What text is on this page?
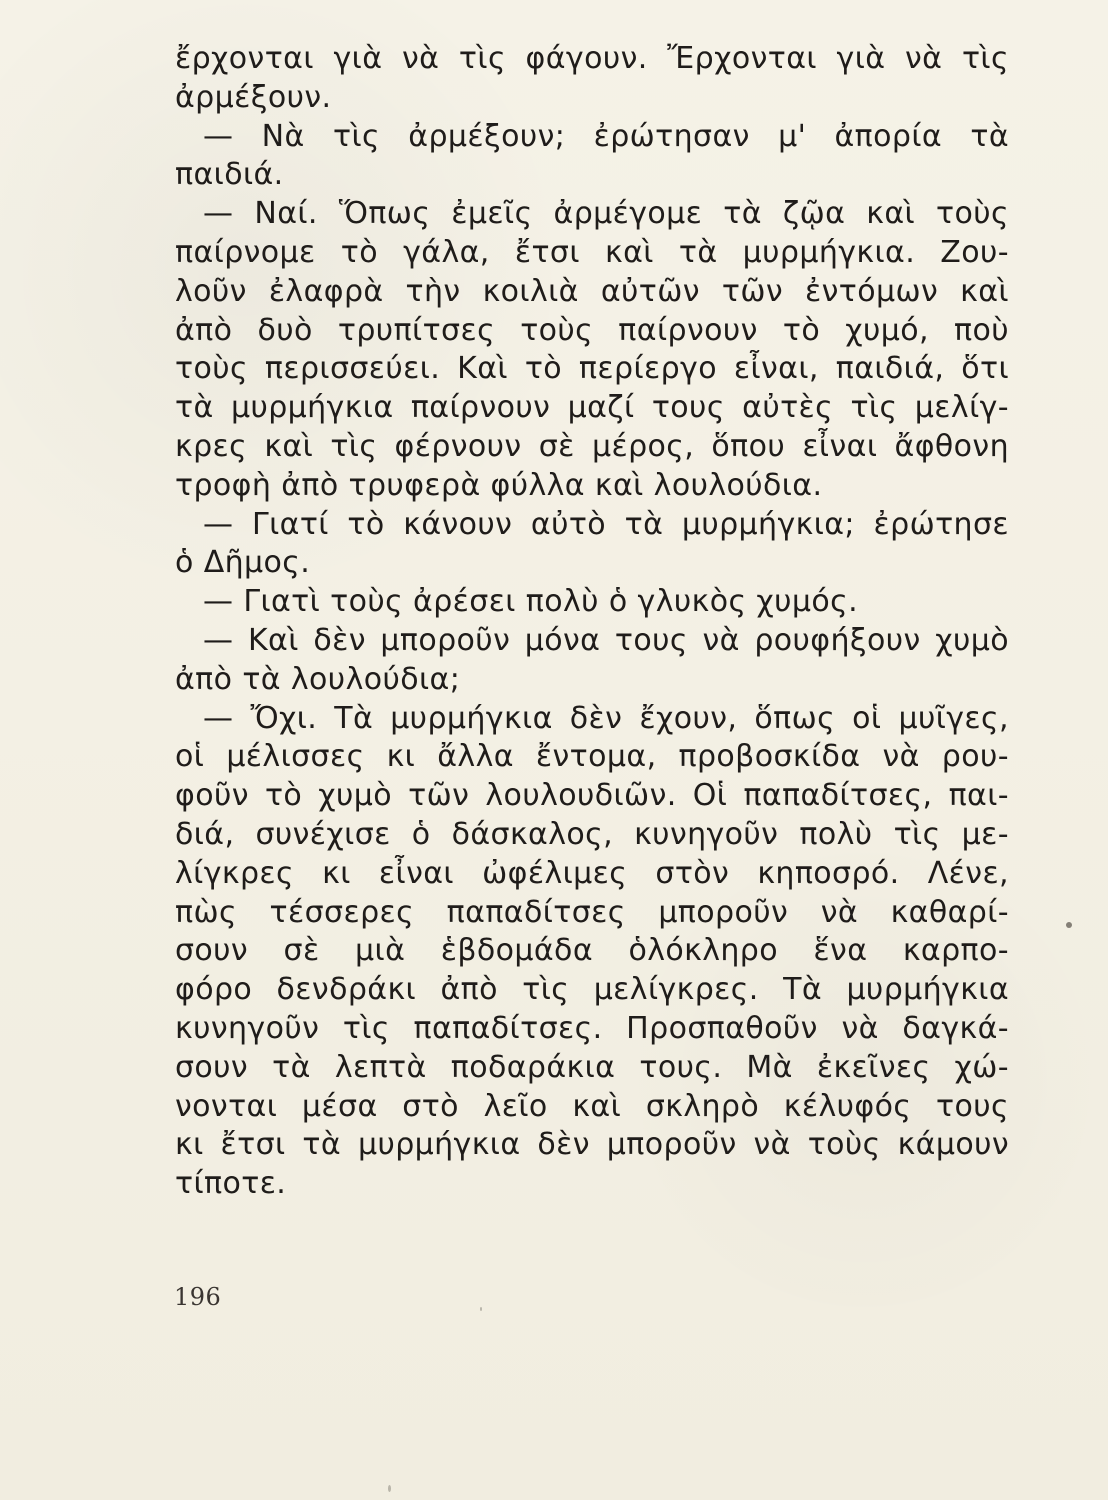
ἔρχονται γιὰ νὰ τὶς φάγουν. Ἔρχονται γιὰ νὰ τὶς
ἀρμέξουν.
— Νὰ τὶς ἀρμέξουν; ἐρώτησαν μ' ἀπορία τὰ
παιδιά.
— Ναί. Ὅπως ἐμεῖς ἀρμέγομε τὰ ζῷα καὶ τοὺς
παίρνομε τὸ γάλα, ἔτσι καὶ τὰ μυρμήγκια. Ζου-
λοῦν ἐλαφρὰ τὴν κοιλιὰ αὐτῶν τῶν ἐντόμων καὶ
ἀπὸ δυὸ τρυπίτσες τοὺς παίρνουν τὸ χυμό, ποὺ
τοὺς περισσεύει. Καὶ τὸ περίεργο εἶναι, παιδιά, ὅτι
τὰ μυρμήγκια παίρνουν μαζί τους αὐτὲς τὶς μελίγ-
κρες καὶ τὶς φέρνουν σὲ μέρος, ὅπου εἶναι ἄφθονη
τροφὴ ἀπὸ τρυφερὰ φύλλα καὶ λουλούδια.
— Γιατί τὸ κάνουν αὐτὸ τὰ μυρμήγκια; ἐρώτησε
ὁ Δῆμος.
— Γιατὶ τοὺς ἀρέσει πολὺ ὁ γλυκὸς χυμός.
— Καὶ δὲν μποροῦν μόνα τους νὰ ρουφήξουν χυμὸ
ἀπὸ τὰ λουλούδια;
— Ὄχι. Τὰ μυρμήγκια δὲν ἔχουν, ὅπως οἱ μυῖγες,
οἱ μέλισσες κι ἄλλα ἔντομα, προβοσκίδα νὰ ρου-
φοῦν τὸ χυμὸ τῶν λουλουδιῶν. Οἱ παπαδίτσες, παι-
διά, συνέχισε ὁ δάσκαλος, κυνηγοῦν πολὺ τὶς με-
λίγκρες κι εἶναι ὠφέλιμες στὸν κηποσρό. Λένε,
πὼς τέσσερες παπαδίτσες μποροῦν νὰ καθαρί-
σουν σὲ μιὰ ἑβδομάδα ὁλόκληρο ἕνα καρπο-
φόρο δενδράκι ἀπὸ τὶς μελίγκρες. Τὰ μυρμήγκια
κυνηγοῦν τὶς παπαδίτσες. Προσπαθοῦν νὰ δαγκά-
σουν τὰ λεπτὰ ποδαράκια τους. Μὰ ἐκεῖνες χώ-
νονται μέσα στὸ λεῖο καὶ σκληρὸ κέλυφός τους
κι ἔτσι τὰ μυρμήγκια δὲν μποροῦν νὰ τοὺς κάμουν
τίποτε.
196
